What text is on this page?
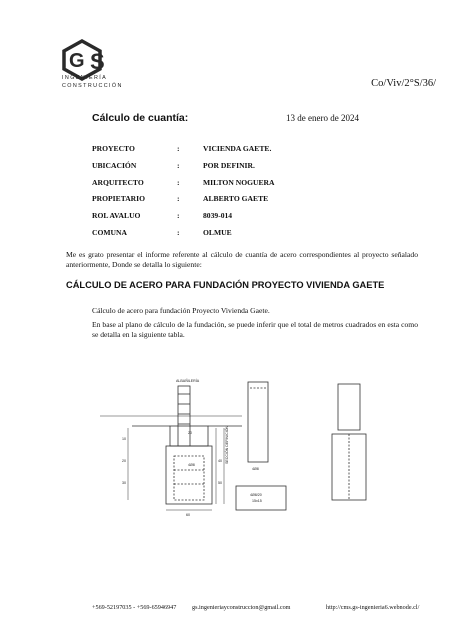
G S
INGENIERÍA
CONSTRUCCIÓN	Co/Viv/2°S/36/
Cálculo de cuantía:	13 de enero de 2024
PROYECTO	:	VICIENDA GAETE.
UBICACIÓN	:	POR DEFINIR.
ARQUITECTO	:	MILTON NOGUERA
PROPIETARIO	:	ALBERTO GAETE
ROL AVALUO	:	8039-014
COMUNA	:	OLMUE
Me es grato presentar el informe referente al cálculo de cuantía de acero correspondientes al proyecto señalado anteriormente, Donde se detalla lo siguiente:
CÁLCULO DE ACERO PARA FUNDACIÓN PROYECTO VIVIENDA GAETE
Cálculo de acero para fundación Proyecto Vivienda Gaete.
En base al plano de cálculo de la fundación, se puede inferir que el total de metros cuadrados en esta como se detalla en la siguiente tabla.
ALBAÑILERÍA
SECCIÓN DEFINICIÓN
10
20
30
40
50
60
20
4Ø8
4Ø8
4Ø8/20
15x15
+569-52197035 - +569-65946947	gs.ingenieriayconstruccion@gmail.com	http://cms.gs-ingenieria6.webnode.cl/
